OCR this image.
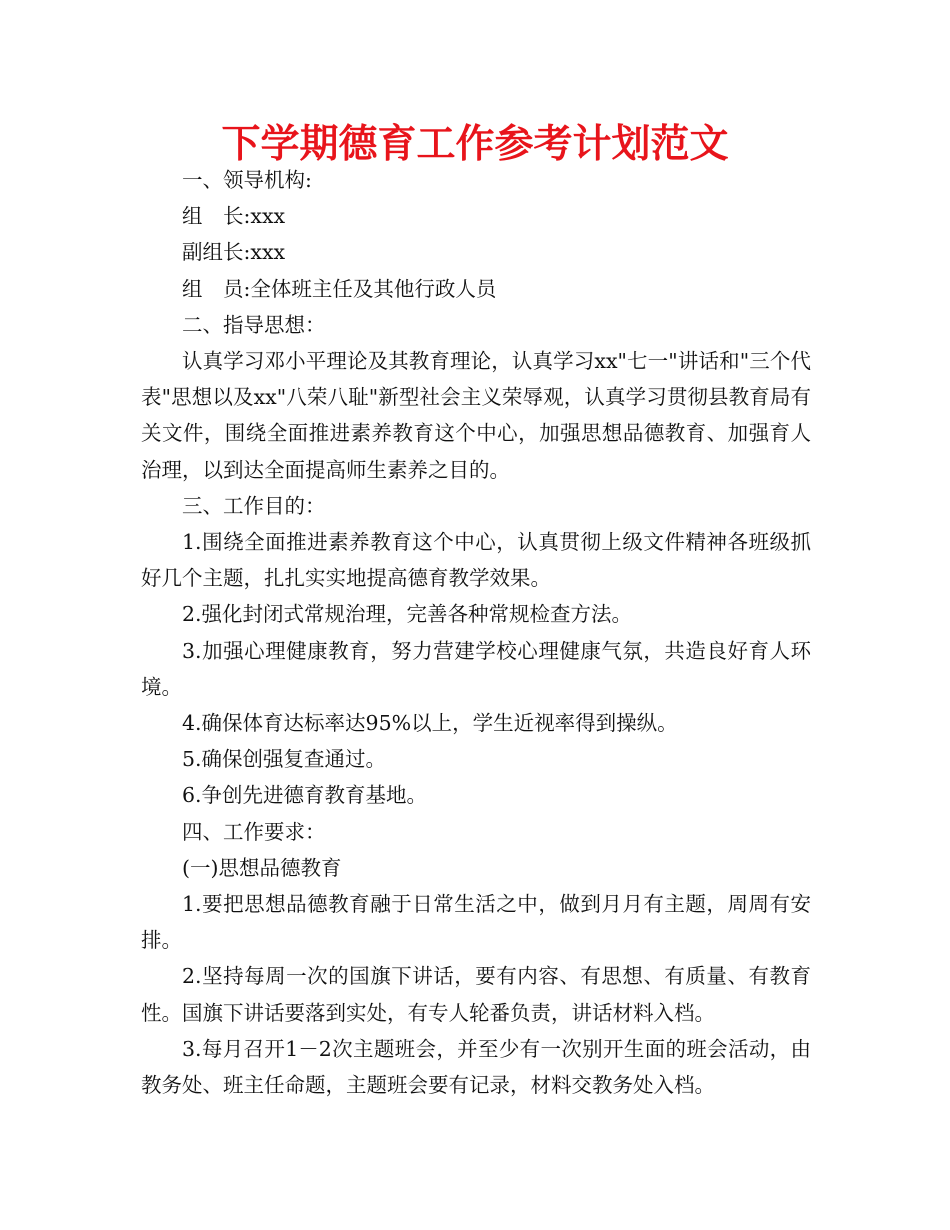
下学期德育工作参考计划范文

一、领导机构:

组　长:xxx

副组长:xxx

组　员:全体班主任及其他行政人员

二、指导思想：

认真学习邓小平理论及其教育理论，认真学习xx"七一"讲话和"三个代表"思想以及xx"八荣八耻"新型社会主义荣辱观，认真学习贯彻县教育局有关文件，围绕全面推进素养教育这个中心，加强思想品德教育、加强育人治理，以到达全面提高师生素养之目的。

三、工作目的：

1.围绕全面推进素养教育这个中心，认真贯彻上级文件精神各班级抓好几个主题，扎扎实实地提高德育教学效果。

2.强化封闭式常规治理，完善各种常规检查方法。

3.加强心理健康教育，努力营建学校心理健康气氛，共造良好育人环境。

4.确保体育达标率达95%以上，学生近视率得到操纵。

5.确保创强复查通过。

6.争创先进德育教育基地。

四、工作要求：

(一)思想品德教育

1.要把思想品德教育融于日常生活之中，做到月月有主题，周周有安排。

2.坚持每周一次的国旗下讲话，要有内容、有思想、有质量、有教育性。国旗下讲话要落到实处，有专人轮番负责，讲话材料入档。

3.每月召开1－2次主题班会，并至少有一次别开生面的班会活动，由教务处、班主任命题，主题班会要有记录，材料交教务处入档。
